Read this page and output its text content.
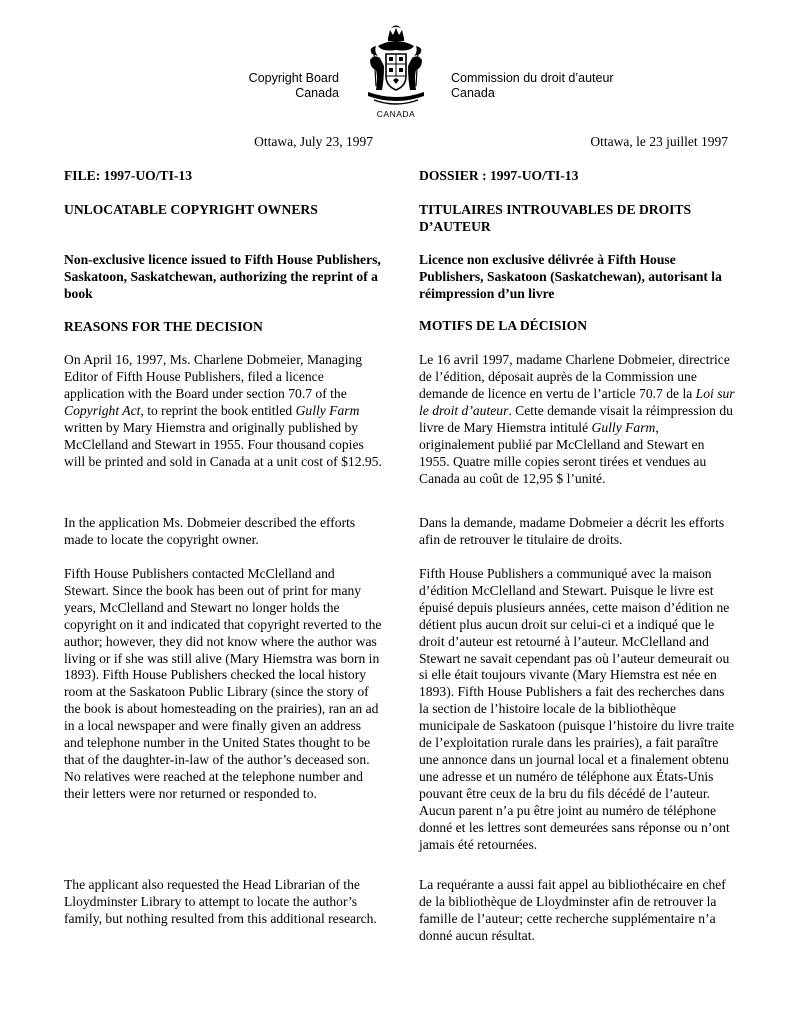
Copyright Board
Canada
CANADA
Commission du droit d’auteur
Canada
Ottawa, July 23, 1997	Ottawa, le 23 juillet 1997

FILE: 1997-UO/TI-13

UNLOCATABLE COPYRIGHT OWNERS

Non-exclusive licence issued to Fifth House Publishers, Saskatoon, Saskatchewan, authorizing the reprint of a book

REASONS FOR THE DECISION

On April 16, 1997, Ms. Charlene Dobmeier, Managing Editor of Fifth House Publishers, filed a licence application with the Board under section 70.7 of the Copyright Act, to reprint the book entitled Gully Farm written by Mary Hiemstra and originally published by McClelland and Stewart in 1955. Four thousand copies will be printed and sold in Canada at a unit cost of $12.95.

In the application Ms. Dobmeier described the efforts made to locate the copyright owner.

Fifth House Publishers contacted McClelland and Stewart. Since the book has been out of print for many years, McClelland and Stewart no longer holds the copyright on it and indicated that copyright reverted to the author; however, they did not know where the author was living or if she was still alive (Mary Hiemstra was born in 1893). Fifth House Publishers checked the local history room at the Saskatoon Public Library (since the story of the book is about homesteading on the prairies), ran an ad in a local newspaper and were finally given an address and telephone number in the United States thought to be that of the daughter-in-law of the author’s deceased son. No relatives were reached at the telephone number and their letters were nor returned or responded to.

The applicant also requested the Head Librarian of the Lloydminster Library to attempt to locate the author’s family, but nothing resulted from this additional research.

DOSSIER : 1997-UO/TI-13

TITULAIRES INTROUVABLES DE DROITS D’AUTEUR

Licence non exclusive délivrée à Fifth House Publishers, Saskatoon (Saskatchewan), autorisant la réimpression d’un livre

MOTIFS DE LA DÉCISION

Le 16 avril 1997, madame Charlene Dobmeier, directrice de l’édition, déposait auprès de la Commission une demande de licence en vertu de l’article 70.7 de la Loi sur le droit d’auteur. Cette demande visait la réimpression du livre de Mary Hiemstra intitulé Gully Farm, originalement publié par McClelland and Stewart en 1955. Quatre mille copies seront tirées et vendues au Canada au coût de 12,95 $ l’unité.

Dans la demande, madame Dobmeier a décrit les efforts afin de retrouver le titulaire de droits.

Fifth House Publishers a communiqué avec la maison d’édition McClelland and Stewart. Puisque le livre est épuisé depuis plusieurs années, cette maison d’édition ne détient plus aucun droit sur celui-ci et a indiqué que le droit d’auteur est retourné à l’auteur. McClelland and Stewart ne savait cependant pas où l’auteur demeurait ou si elle était toujours vivante (Mary Hiemstra est née en 1893). Fifth House Publishers a fait des recherches dans la section de l’histoire locale de la bibliothèque municipale de Saskatoon (puisque l’histoire du livre traite de l’exploitation rurale dans les prairies), a fait paraître une annonce dans un journal local et a finalement obtenu une adresse et un numéro de téléphone aux États-Unis pouvant être ceux de la bru du fils décédé de l’auteur. Aucun parent n’a pu être joint au numéro de téléphone donné et les lettres sont demeurées sans réponse ou n’ont jamais été retournées.

La requérante a aussi fait appel au bibliothécaire en chef de la bibliothèque de Lloydminster afin de retrouver la famille de l’auteur; cette recherche supplémentaire n’a donné aucun résultat.
